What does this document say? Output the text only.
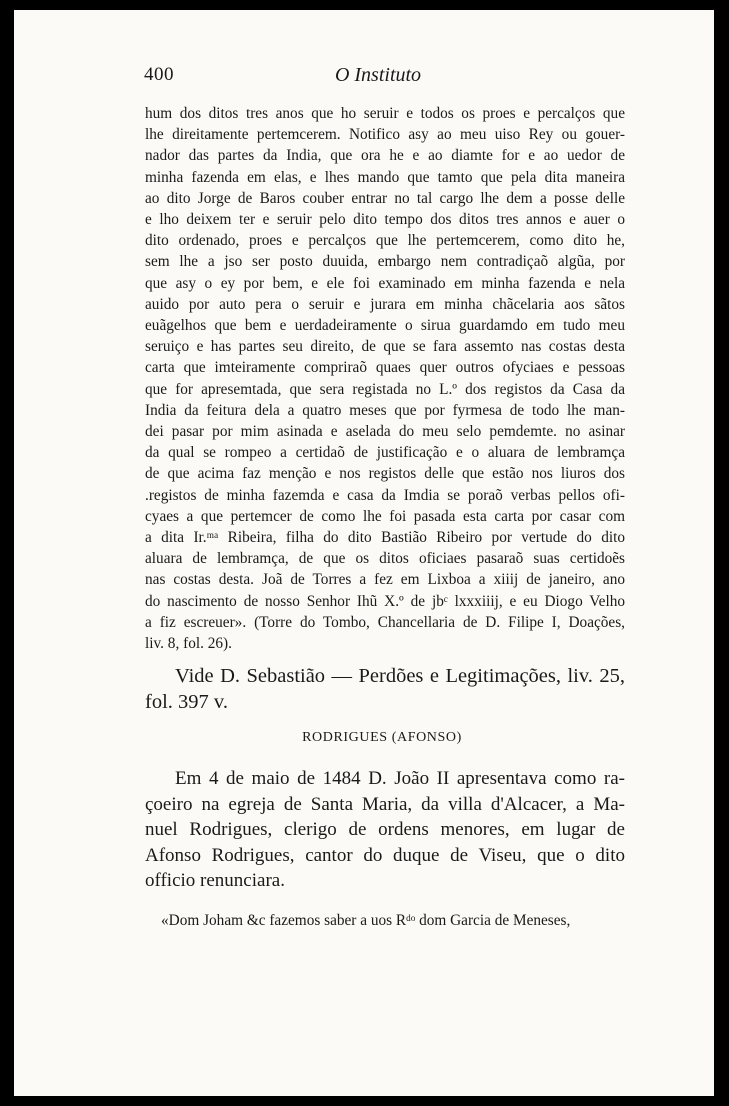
400	O Instituto
hum dos ditos tres anos que ho seruir e todos os proes e percalços que
lhe direitamente pertemcerem. Notifico asy ao meu uiso Rey ou gouer-
nador das partes da India, que ora he e ao diamte for e ao uedor de
minha fazenda em elas, e lhes mando que tamto que pela dita maneira
ao dito Jorge de Baros couber entrar no tal cargo lhe dem a posse delle
e lho deixem ter e seruir pelo dito tempo dos ditos tres annos e auer o
dito ordenado, proes e percalços que lhe pertemcerem, como dito he,
sem lhe a jso ser posto duuida, embargo nem contradiçaõ algũa, por
que asy o ey por bem, e ele foi examinado em minha fazenda e nela
auido por auto pera o seruir e jurara em minha chãcelaria aos sãtos
euãgelhos que bem e uerdadeiramente o sirua guardamdo em tudo meu
seruiço e has partes seu direito, de que se fara assemto nas costas desta
carta que imteiramente compriraõ quaes quer outros ofyciaes e pessoas
que for apresemtada, que sera registada no L.º dos registos da Casa da
India da feitura dela a quatro meses que por fyrmesa de todo lhe man-
dei pasar por mim asinada e aselada do meu selo pemdemte. no asinar
da qual se rompeo a certidaõ de justificação e o aluara de lembramça
de que acima faz menção e nos registos delle que estão nos liuros dos
.registos de minha fazemda e casa da Imdia se poraõ verbas pellos ofi-
cyaes a que pertemcer de como lhe foi pasada esta carta por casar com
a dita Ir.ᵐᵃ Ribeira, filha do dito Bastião Ribeiro por vertude do dito
aluara de lembramça, de que os ditos oficiaes pasaraõ suas certidoẽs
nas costas desta. Joã de Torres a fez em Lixboa a xiiij de janeiro, ano
do nascimento de nosso Senhor Ihũ X.º de jbᶜ lxxxiiij, e eu Diogo Velho
a fiz escreuer». (Torre do Tombo, Chancellaria de D. Filipe I, Doações,
liv. 8, fol. 26).
Vide D. Sebastião — Perdões e Legitimações, liv. 25,
fol. 397 v.
RODRIGUES (AFONSO)
Em 4 de maio de 1484 D. João II apresentava como ra-
çoeiro na egreja de Santa Maria, da villa d'Alcacer, a Ma-
nuel Rodrigues, clerigo de ordens menores, em lugar de
Afonso Rodrigues, cantor do duque de Viseu, que o dito
officio renunciara.
«Dom Joham &c fazemos saber a uos Rᵈᵒ dom Garcia de Meneses,
